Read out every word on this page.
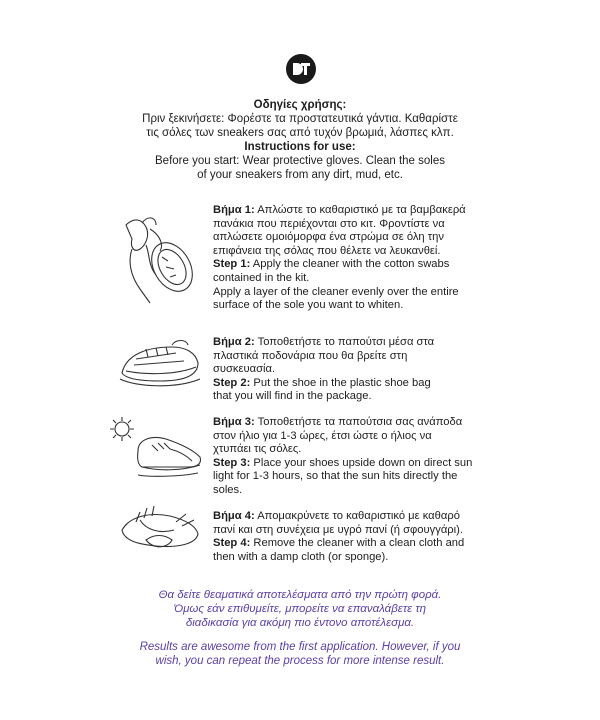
Οδηγίες χρήσης:
Πριν ξεκινήσετε: Φορέστε τα προστατευτικά γάντια. Καθαρίστε
τις σόλες των sneakers σας από τυχόν βρωμιά, λάσπες κλπ.
Instructions for use:
Before you start: Wear protective gloves. Clean the soles
of your sneakers from any dirt, mud, etc.
Βήμα 1: Απλώστε το καθαριστικό με τα βαμβακερά
πανάκια που περιέχονται στο κιτ. Φροντίστε να
απλώσετε ομοιόμορφα ένα στρώμα σε όλη την
επιφάνεια της σόλας που θέλετε να λευκανθεί.
Step 1: Apply the cleaner with the cotton swabs
contained in the kit.
Apply a layer of the cleaner evenly over the entire
surface of the sole you want to whiten.
Βήμα 2: Τοποθετήστε το παπούτσι μέσα στα
πλαστικά ποδονάρια που θα βρείτε στη
συσκευασία.
Step 2: Put the shoe in the plastic shoe bag
that you will find in the package.
Βήμα 3: Τοποθετήστε τα παπούτσια σας ανάποδα
στον ήλιο για 1-3 ώρες, έτσι ώστε ο ήλιος να
χτυπάει τις σόλες.
Step 3: Place your shoes upside down on direct sun
light for 1-3 hours, so that the sun hits directly the
soles.
Βήμα 4: Απομακρύνετε το καθαριστικό με καθαρό
πανί και στη συνέχεια με υγρό πανί (ή σφουγγάρι).
Step 4: Remove the cleaner with a clean cloth and
then with a damp cloth (or sponge).
Θα δείτε θεαματικά αποτελέσματα από την πρώτη φορά.
Όμως εάν επιθυμείτε, μπορείτε να επαναλάβετε τη
διαδικασία για ακόμη πιο έντονο αποτέλεσμα.
Results are awesome from the first application. However, if you
wish, you can repeat the process for more intense result.
